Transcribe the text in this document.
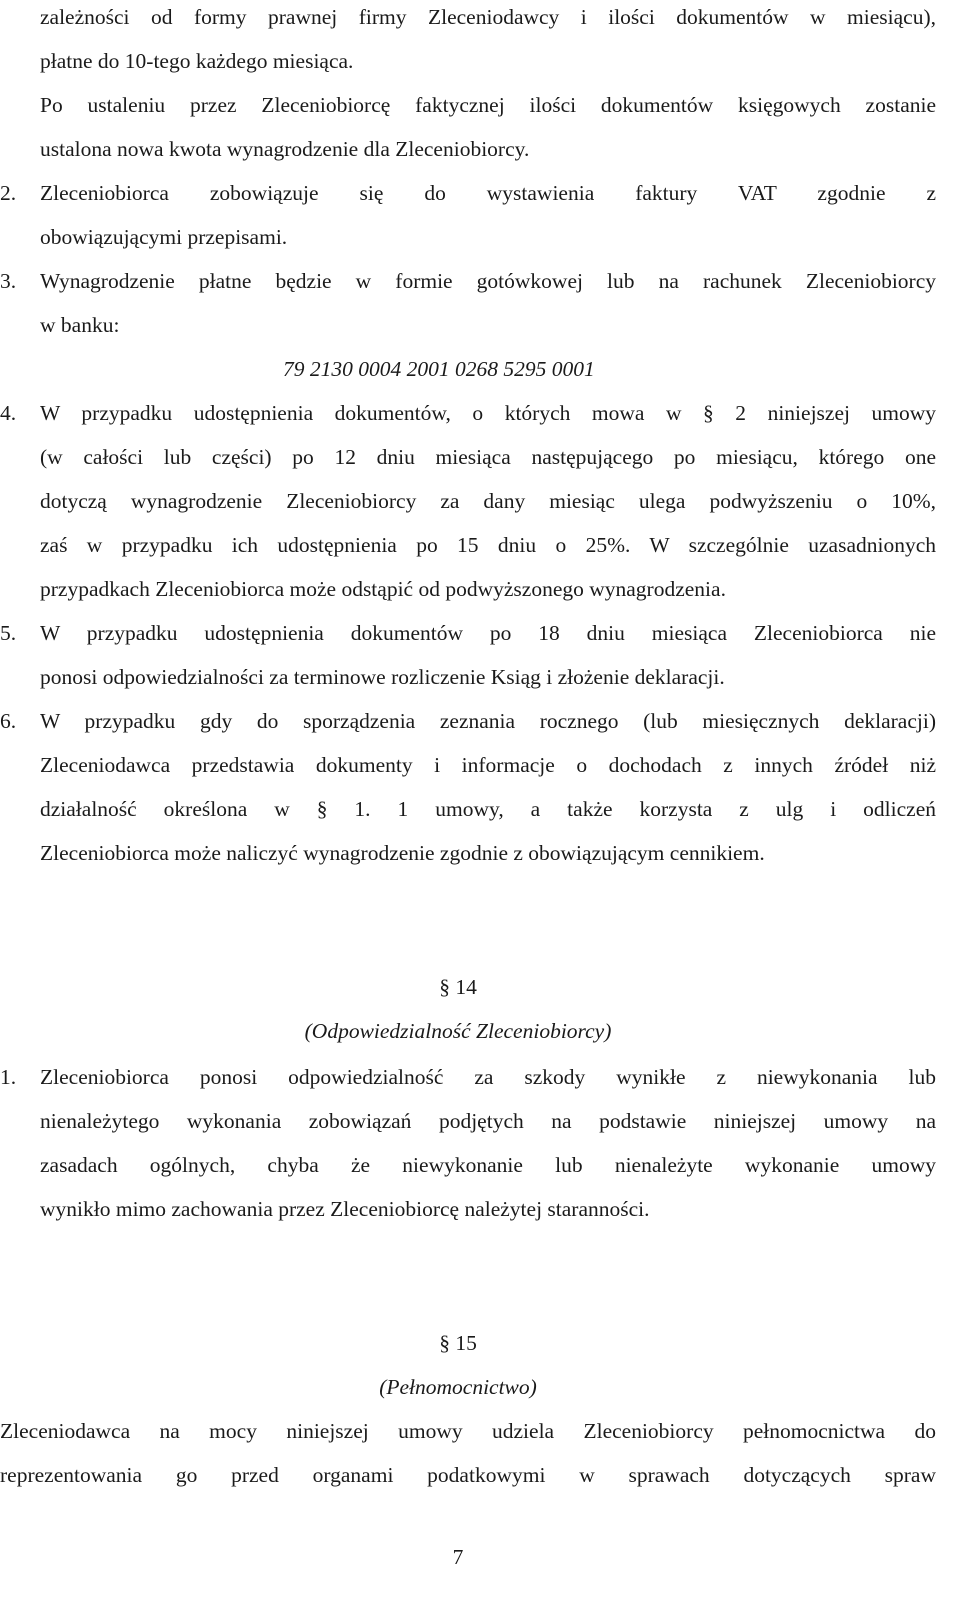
zależności od formy prawnej firmy Zleceniodawcy i ilości dokumentów w miesiącu),
płatne do 10-tego każdego miesiąca.
Po ustaleniu przez Zleceniobiorcę faktycznej ilości dokumentów księgowych zostanie
ustalona nowa kwota wynagrodzenie dla Zleceniobiorcy.
2. Zleceniobiorca zobowiązuje się do wystawienia faktury VAT zgodnie z
obowiązującymi przepisami.
3. Wynagrodzenie płatne będzie w formie gotówkowej lub na rachunek Zleceniobiorcy
w banku:
79 2130 0004 2001 0268 5295 0001
4. W przypadku udostępnienia dokumentów, o których mowa w § 2 niniejszej umowy
(w całości lub części) po 12 dniu miesiąca następującego po miesiącu, którego one
dotyczą wynagrodzenie Zleceniobiorcy za dany miesiąc ulega podwyższeniu o 10%,
zaś w przypadku ich udostępnienia po 15 dniu o 25%. W szczególnie uzasadnionych
przypadkach Zleceniobiorca może odstąpić od podwyższonego wynagrodzenia.
5. W przypadku udostępnienia dokumentów po 18 dniu miesiąca Zleceniobiorca nie
ponosi odpowiedzialności za terminowe rozliczenie Ksiąg i złożenie deklaracji.
6. W przypadku gdy do sporządzenia zeznania rocznego (lub miesięcznych deklaracji)
Zleceniodawca przedstawia dokumenty i informacje o dochodach z innych źródeł niż
działalność określona w § 1. 1 umowy, a także korzysta z ulg i odliczeń
Zleceniobiorca może naliczyć wynagrodzenie zgodnie z obowiązującym cennikiem.
§ 14
(Odpowiedzialność Zleceniobiorcy)
1. Zleceniobiorca ponosi odpowiedzialność za szkody wynikłe z niewykonania lub
nienależytego wykonania zobowiązań podjętych na podstawie niniejszej umowy na
zasadach ogólnych, chyba że niewykonanie lub nienależyte wykonanie umowy
wynikło mimo zachowania przez Zleceniobiorcę należytej staranności.
§ 15
(Pełnomocnictwo)
Zleceniodawca na mocy niniejszej umowy udziela Zleceniobiorcy pełnomocnictwa do
reprezentowania go przed organami podatkowymi w sprawach dotyczących spraw
7
